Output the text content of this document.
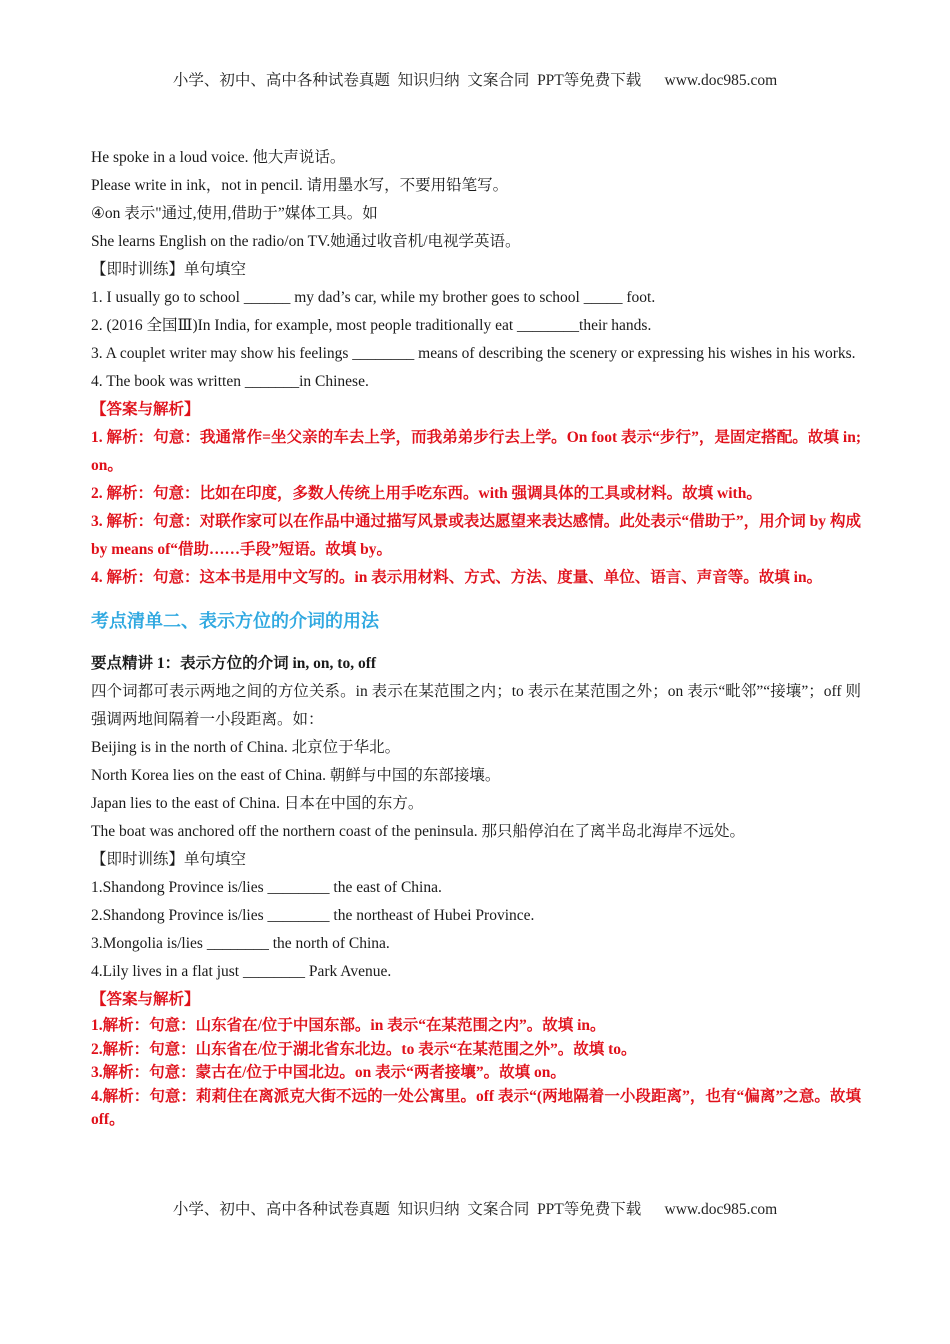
小学、初中、高中各种试卷真题  知识归纳  文案合同  PPT等免费下载      www.doc985.com
He spoke in a loud voice. 他大声说话。
Please write in ink，not in pencil. 请用墨水写，不要用铅笔写。
④on 表示"通过,使用,借助于”媒体工具。如
She learns English on the radio/on TV.她通过收音机/电视学英语。
【即时训练】单句填空
1. I usually go to school ______ my dad’s car, while my brother goes to school _____ foot.
2. (2016 全国Ⅲ)In India, for example, most people traditionally eat ________their hands.
3. A couplet writer may show his feelings ________ means of describing the scenery or expressing his wishes in his works.
4. The book was written _______in Chinese.
【答案与解析】
1. 解析：句意：我通常作=坐父亲的车去上学，而我弟弟步行去上学。On foot 表示“步行”，是固定搭配。故填 in; on。
2. 解析：句意：比如在印度，多数人传统上用手吃东西。with 强调具体的工具或材料。故填 with。
3. 解析：句意：对联作家可以在作品中通过描写风景或表达愿望来表达感情。此处表示“借助于”，用介词 by 构成 by means of“借助……手段”短语。故填 by。
4. 解析：句意：这本书是用中文写的。in 表示用材料、方式、方法、度量、单位、语言、声音等。故填 in。
考点清单二、表示方位的介词的用法
要点精讲 1：表示方位的介词 in, on, to, off
四个词都可表示两地之间的方位关系。in 表示在某范围之内；to 表示在某范围之外；on 表示“毗邻”“接壤”；off 则强调两地间隔着一小段距离。如：
Beijing is in the north of China. 北京位于华北。
North Korea lies on the east of China. 朝鲜与中国的东部接壤。
Japan lies to the east of China. 日本在中国的东方。
The boat was anchored off the northern coast of the peninsula. 那只船停泊在了离半岛北海岸不远处。
【即时训练】单句填空
1.Shandong Province is/lies ________ the east of China.
2.Shandong Province is/lies ________ the northeast of Hubei Province.
3.Mongolia is/lies ________ the north of China.
4.Lily lives in a flat just ________ Park Avenue.
【答案与解析】
1.解析：句意：山东省在/位于中国东部。in 表示“在某范围之内”。故填 in。
2.解析：句意：山东省在/位于湖北省东北边。to 表示“在某范围之外”。故填 to。
3.解析：句意：蒙古在/位于中国北边。on 表示“两者接壤”。故填 on。
4.解析：句意：莉莉住在离派克大街不远的一处公寓里。off 表示“(两地隔着一小段距离”，也有“偏离”之意。故填 off。
小学、初中、高中各种试卷真题  知识归纳  文案合同  PPT等免费下载      www.doc985.com
